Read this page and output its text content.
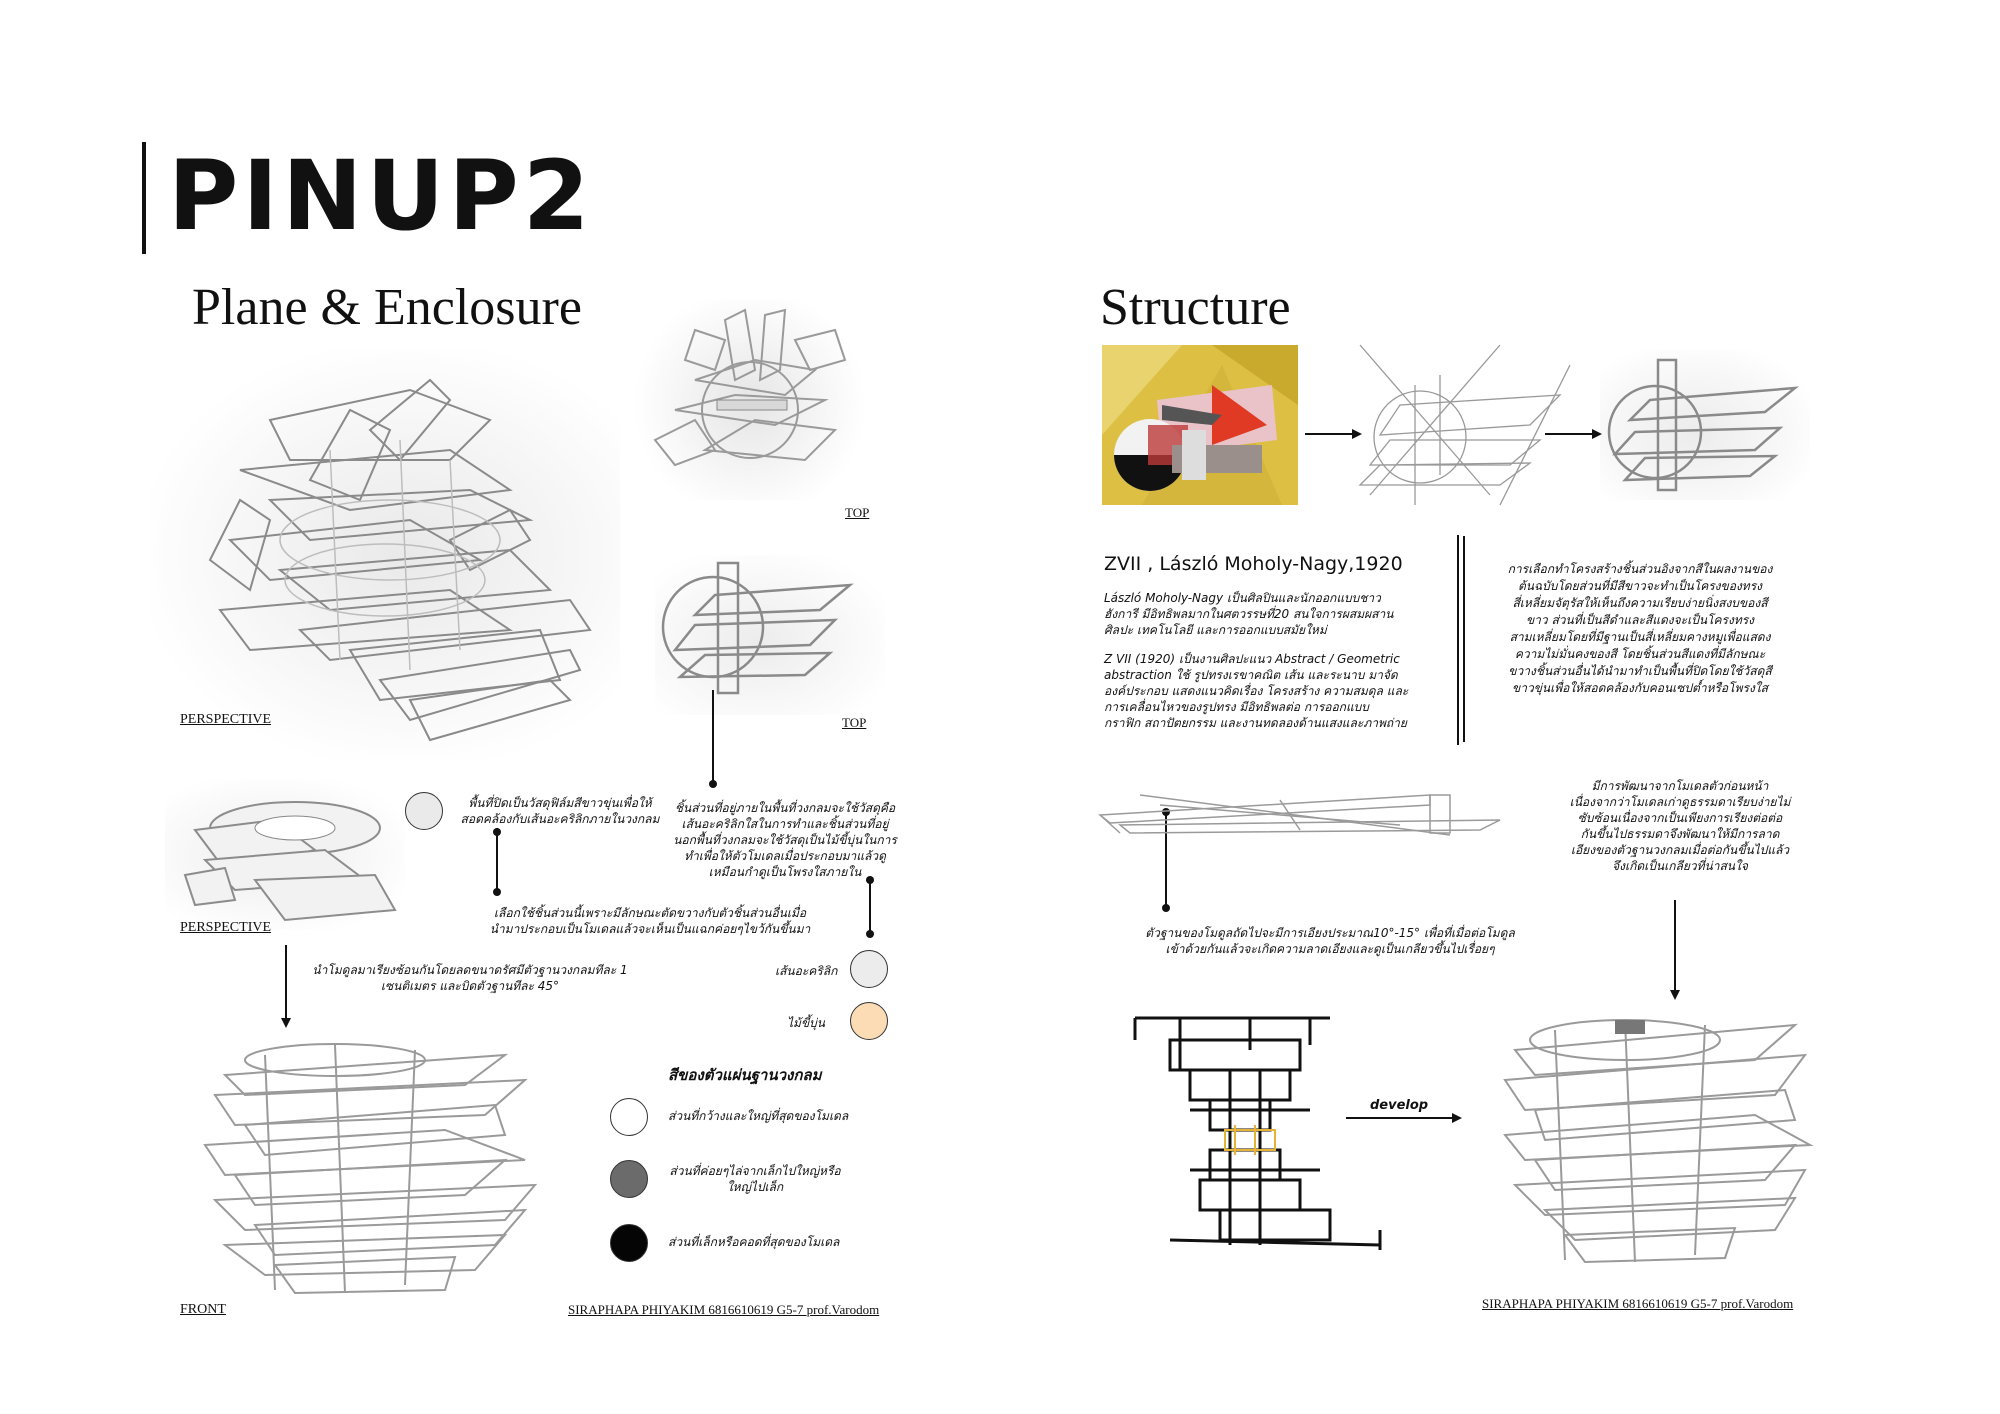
PINUP2
Plane & Enclosure	Structure
PERSPECTIVE
TOP
TOP
PERSPECTIVE
พื้นที่ปิดเป็นวัสดุฟิล์มสีขาวขุ่นเพื่อให้
สอดคล้องกับเส้นอะคริลิกภายในวงกลม
ชิ้นส่วนที่อยู่ภายในพื้นที่วงกลมจะใช้วัสดุคือ
เส้นอะคริลิกใสในการทำและชิ้นส่วนที่อยู่
นอกพื้นที่วงกลมจะใช้วัสดุเป็นไม้ขี้บุ่นในการ
ทำเพื่อให้ตัวโมเดลเมื่อประกอบมาแล้วดู
เหมือนกำดูเป็นโพรงใสภายใน
เลือกใช้ชิ้นส่วนนี้เพราะมีลักษณะตัดขวางกับตัวชิ้นส่วนอื่นเมื่อ
นำมาประกอบเป็นโมเดลแล้วจะเห็นเป็นแฉกค่อยๆไขว้กันขึ้นมา
นำโมดูลมาเรียงซ้อนกันโดยลดขนาดรัศมีตัวฐานวงกลมทีละ 1
เซนติเมตร และบิดตัวฐานทีละ 45°
เส้นอะคริลิก
ไม้ขี้บุ่น
FRONT
สีของตัวแผ่นฐานวงกลม
ส่วนที่กว้างและใหญ่ที่สุดของโมเดล
ส่วนที่ค่อยๆไล่จากเล็กไปใหญ่หรือ
ใหญ่ไปเล็ก
ส่วนที่เล็กหรือคอดที่สุดของโมเดล
SIRAPHAPA PHIYAKIM 6816610619 G5-7 prof.Varodom
ZVII , László Moholy-Nagy,1920
László Moholy-Nagy เป็นศิลปินและนักออกแบบชาว
ฮังการี มีอิทธิพลมากในศตวรรษที่20 สนใจการผสมผสาน
ศิลปะ เทคโนโลยี และการออกแบบสมัยใหม่
Z VII (1920) เป็นงานศิลปะแนว Abstract / Geometric
abstraction ใช้ รูปทรงเรขาคณิต เส้น และระนาบ มาจัด
องค์ประกอบ แสดงแนวคิดเรื่อง โครงสร้าง ความสมดุล และ
การเคลื่อนไหวของรูปทรง มีอิทธิพลต่อ การออกแบบ
กราฟิก สถาปัตยกรรม และงานทดลองด้านแสงและภาพถ่าย
การเลือกทำโครงสร้างชิ้นส่วนอิงจากสีในผลงานของ
ต้นฉบับโดยส่วนที่มีสีขาวจะทำเป็นโครงของทรง
สี่เหลี่ยมจัตุรัสให้เห็นถึงความเรียบง่ายนิ่งสงบของสี
ขาว ส่วนที่เป็นสีดำและสีแดงจะเป็นโครงทรง
สามเหลี่ยมโดยที่มีฐานเป็นสี่เหลี่ยมคางหมูเพื่อแสดง
ความไม่มั่นคงของสี โดยชิ้นส่วนสีแดงที่มีลักษณะ
ขวางชิ้นส่วนอื่นได้นำมาทำเป็นพื้นที่ปิดโดยใช้วัสดุสี
ขาวขุ่นเพื่อให้สอดคล้องกับคอนเซปต์ำหรือโพรงใส
ตัวฐานของโมดูลถัดไปจะมีการเอียงประมาณ10°-15° เพื่อที่เมื่อต่อโมดูล
เข้าด้วยกันแล้วจะเกิดความลาดเอียงและดูเป็นเกลียวขึ้นไปเรื่อยๆ
มีการพัฒนาจากโมเดลตัวก่อนหน้า
เนื่องจากว่าโมเดลเก่าดูธรรมดาเรียบง่ายไม่
ซับซ้อนเนื่องจากเป็นเพียงการเรียงต่อต่อ
กันขึ้นไปธรรมดาจึงพัฒนาให้มีการลาด
เอียงของตัวฐานวงกลมเมื่อต่อกันขึ้นไปแล้ว
จึงเกิดเป็นเกลียวที่น่าสนใจ
develop
SIRAPHAPA PHIYAKIM 6816610619 G5-7 prof.Varodom
